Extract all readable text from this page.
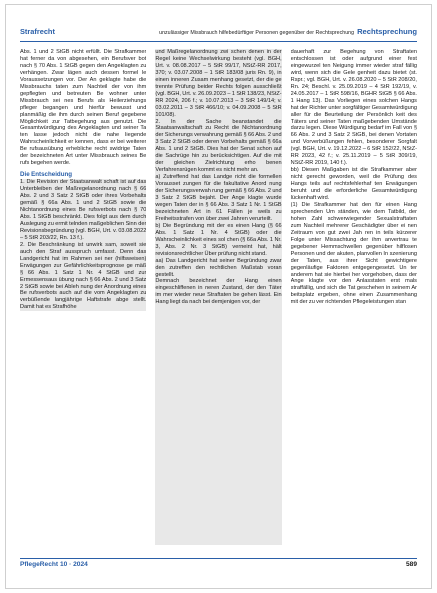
Strafrecht	unzulässiger Missbrauch hilfebedürftiger Personen gegenüber der Rechtsprechung Rechtsprechung

Abs. 1 und 2 StGB nicht erfüllt. Die Strafkammer hat ferner da von abgesehen, ein Berufsver bot nach § 70 Abs. 1 StGB gegen den Angeklagten zu verhängen. Zwar lägen auch dessen formel le Voraussetzungen vor. Der An geklagte habe die Missbrauchs taten zum Nachteil der von ihm gepflegten und betreuten Be wohner unter Missbrauch sei nes Berufs als Heilerziehungs pfleger begangen und hierfür bewusst und planmäßig die ihm durch seinen Beruf gegebene Möglichkeit zur Tatbegehung aus genutzt. Die Gesamtwürdigung des Angeklagten und seiner Ta ten lasse jedoch nicht die nahe liegende Wahrscheinlichkeit er kennen, dass er bei weiterer Be rufsausübung erhebliche recht swidrige Taten der bezeichneten Art unter Missbrauch seines Be rufs begehen werde.

Die Entscheidung

1. Die Revision der Staatsanwalt schaft ist auf das Unterbleiben der Maßregelanordnung nach § 66 Abs. 2 und 3 Satz 2 StGB oder ihres Vorbehalts gemäß § 66a Abs. 1 und 2 StGB sowie die Nichtanordnung eines Be rufsverbots nach § 70 Abs. 1 StGB beschränkt. Dies folgt aus dem durch Auslegung zu ermit telnden maßgeblichen Sinn der Revisionsbegründung (vgl. BGH, Urt. v. 03.08.2022 – 5 StR 203/22, Rn. 13 f.).

2. Die Beschränkung ist unwirk sam, soweit sie auch den Straf ausspruch umfasst. Denn das Landgericht hat im Rahmen sei ner (hilfsweisen) Erwägungen zur Gefährlichkeitsprognose ge mäß § 66 Abs. 1 Satz 1 Nr. 4 StGB und zur Ermessensaus übung nach § 66 Abs. 2 und 3 Satz 2 StGB sowie bei Ableh nung der Anordnung eines Be rufsverbots auch auf die vom Angeklagten zu verbüßende langjährige Haftstrafe abge stellt. Damit hat es Strafhöhe

und Maßregelanordnung zwi schen denen in der Regel keine Wechselwirkung besteht (vgl. BGH, Urt. v. 08.08.2017 – 5 StR 99/17, NStZ-RR 2017, 370; v. 03.07.2008 – 1 StR 183/08 juris Rn. 9), in einen inneren Zusam menhang gesetzt, der die ge trennte Prüfung beider Rechts folgen ausschließt (vgl. BGH, Urt. v. 26.09.2023 – 1 StR 138/23, NStZ-RR 2024, 206 f.; v. 10.07.2013 – 3 StR 149/14; v. 03.02.2011 – 3 StR 466/10; v. 04.09.2008 – 5 StR 101/08).

2. In der Sache beanstandet die Staatsanwaltschaft zu Recht die Nichtanordnung der Sicherungs verwahrung gemäß § 66 Abs. 2 und 3 Satz 2 StGB oder deren Vorbehalts gemäß § 66a Abs. 1 und 2 StGB. Dies hat der Senat schon auf die Sachrüge hin zu berücksichtigen. Auf die mit der gleichen Zielrichtung erho benen Verfahrensrügen kommt es nicht mehr an.

a) Zutreffend hat das Landge richt die formellen Vorausset zungen für die fakultative Anord nung der Sicherungsverwah rung gemäß § 66 Abs. 2 und 3 Satz 2 StGB bejaht. Der Ange klagte wurde wegen Taten der in § 66 Abs. 3 Satz 1 Nr. 1 StGB bezeichneten Art in 61 Fällen je weils zu Freiheitsstrafen von über zwei Jahren verurteilt.

b) Die Begründung mit der es einen Hang (§ 66 Abs. 1 Satz 1 Nr. 4 StGB) oder die Wahrscheinlichkeit eines sol chen (§ 66a Abs. 1 Nr. 3, Abs. 2 Nr. 3 StGB) verneint hat, hält revisionsrechtlicher Über prüfung nicht stand.

aa) Das Landgericht hat seiner Begründung zwar den zutreffen den rechtlichen Maßstab voran gestellt.

Demnach bezeichnet der Hang einen eingeschliffenen in neren Zustand, der den Täter im mer wieder neue Straftaten be gehen lässt. Ein Hang liegt da nach bei demjenigen vor, der

dauerhaft zur Begehung von Straftaten entschlossen ist oder aufgrund einer fest eingewurzel ten Neigung immer wieder straf fällig wird, wenn sich die Gele genheit dazu bietet (st. Rspr.; vgl. BGH, Urt. v. 26.08.2020 – 5 StR 208/20, Rn. 24; Beschl. v. 25.09.2019 – 4 StR 192/19, v. 24.05.2017 – 1 StR 598/16, BGHR StGB § 66 Abs. 1 Hang 13). Das Vorliegen eines solchen Hangs hat der Richter unter sorgfältiger Gesamtwürdigung aller für die Beurteilung der Persönlich keit des Täters und seiner Taten maßgebenden Umstände darzu legen. Diese Würdigung bedarf im Fall von § 66 Abs. 2 und 3 Satz 2 StGB, bei denen Vortaten und Vorverbüßungen fehlen, besonderer Sorgfalt (vgl. BGH, Urt. v. 19.12.2022 – 6 StR 152/22, NStZ-RR 2023, 42 f.; v. 25.11.2019 – 5 StR 309/19, NStZ-RR 2019, 140 f.).

bb) Diesen Maßgaben ist die Strafkammer aber nicht gerecht geworden, weil die Prüfung des Hangs teils auf rechtsfehlerhaf ten Erwägungen beruht und die erforderliche Gesamtwürdigung lückenhaft wird.

(1) Die Strafkammer hat den für einen Hang sprechenden Um ständen, wie dem Tatbild, der hohen Zahl schwerwiegender Sexualstraftaten zum Nachteil mehrerer Geschädigter über ei nen Zeitraum von gut zwei Jah ren in teils kürzerer Folge unter Missachtung der ihm anvertrau te gegebener Hemmschwellen gegenüber hilflosen Personen und der akuten, planvollen In szenierung der Taten, aus ihrer Sicht gewichtigere gegenläufige Faktoren entgegengesetzt. Un ter anderem hat sie hierbei her vorgehoben, dass der Ange klagte vor den Anlasstaten erst mals straffällig, und sich die Tat geschehen in seinem Ar beitsplatz ergeben, ohne einen Zusammenhang mit der zu ver richtenden Pflegeleistungen stan

PflegeRecht 10 · 2024	589
